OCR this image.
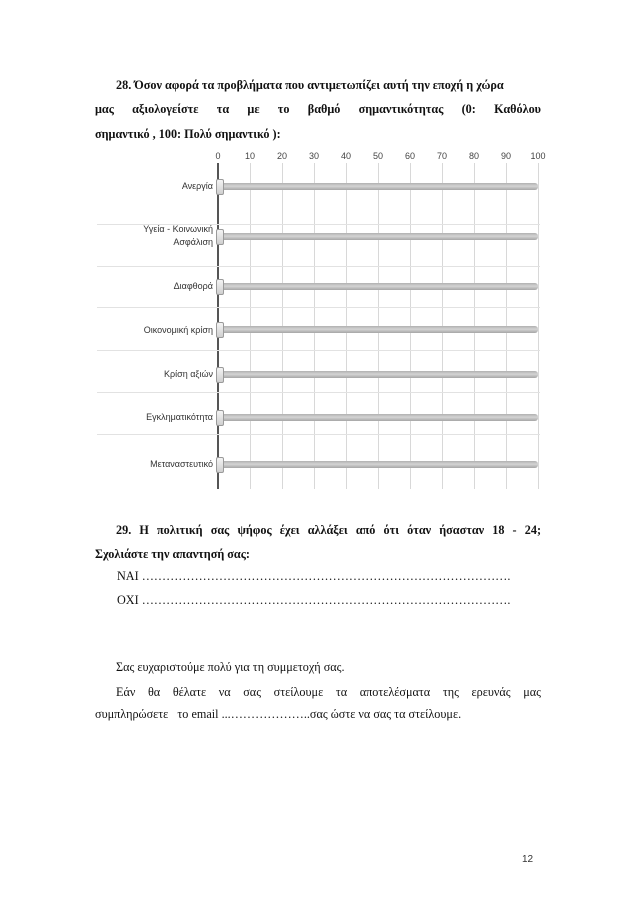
28. Όσον αφορά τα προβλήματα που αντιμετωπίζει αυτή την εποχή η χώρα
μας αξιολογείστε τα με το βαθμό σημαντικότητας (0: Καθόλου
σημαντικό , 100: Πολύ σημαντικό ):
0	10 20 30 40 50 60 70 80 90 100
Ανεργία
Υγεία - Κοινωνική
Ασφάλιση
Διαφθορά
Οικονομική κρίση
Κρίση αξιών
Εγκληματικότητα
Μεταναστευτικό
29. Η πολιτική σας ψήφος έχει αλλάξει από ότι όταν ήσασταν 18 - 24;
Σχολιάστε την απαντησή σας:
ΝΑΙ ……………………………………………………………………………….
ΟΧΙ ……………………………………………………………………………….
Σας ευχαριστούμε πολύ για τη συμμετοχή σας.
Εάν θα θέλατε να σας στείλουμε τα αποτελέσματα της ερευνάς μας
συμπληρώσετε   το email ...………………..σας ώστε να σας τα στείλουμε.
12
